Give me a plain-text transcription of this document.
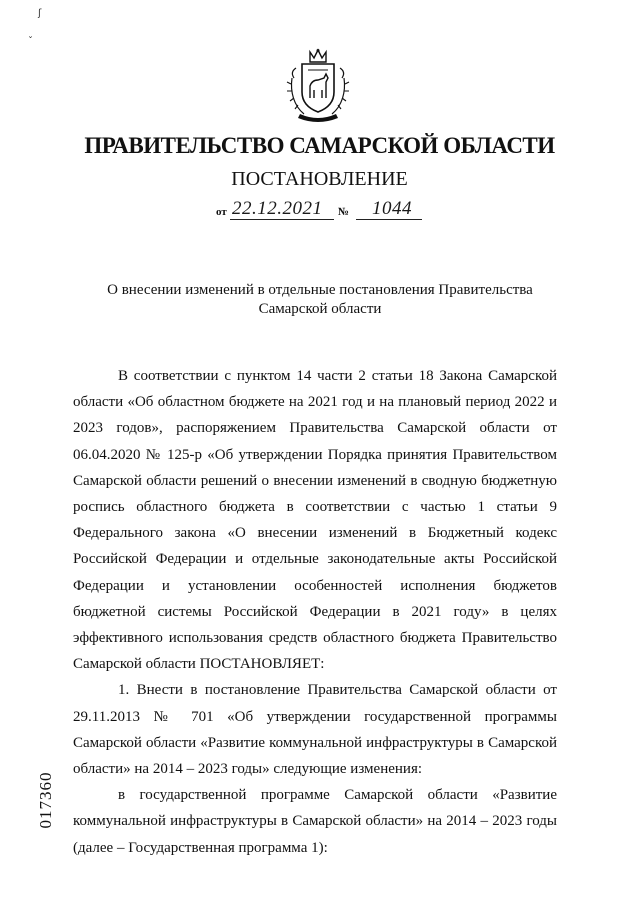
ʃ
ˇ
ПРАВИТЕЛЬСТВО САМАРСКОЙ ОБЛАСТИ
ПОСТАНОВЛЕНИЕ
от 22.12.2021 № 1044
О внесении изменений в отдельные постановления Правительства Самарской области

В соответствии с пунктом 14 части 2 статьи 18 Закона Самарской области «Об областном бюджете на 2021 год и на плановый период 2022 и 2023 годов», распоряжением Правительства Самарской области от 06.04.2020 № 125-р «Об утверждении Порядка принятия Правительством Самарской области решений о внесении изменений в сводную бюджетную роспись областного бюджета в соответствии с частью 1 статьи 9 Федерального закона «О внесении изменений в Бюджетный кодекс Российской Федерации и отдельные законодательные акты Российской Федерации и установлении особенностей исполнения бюджетов бюджетной системы Российской Федерации в 2021 году» в целях эффективного использования средств областного бюджета Правительство Самарской области ПОСТАНОВЛЯЕТ:

1. Внести в постановление Правительства Самарской области от 29.11.2013 № 701 «Об утверждении государственной программы Самарской области «Развитие коммунальной инфраструктуры в Самарской области» на 2014 – 2023 годы» следующие изменения:

в государственной программе Самарской области «Развитие коммунальной инфраструктуры в Самарской области» на 2014 – 2023 годы (далее – Государственная программа 1):

017360
